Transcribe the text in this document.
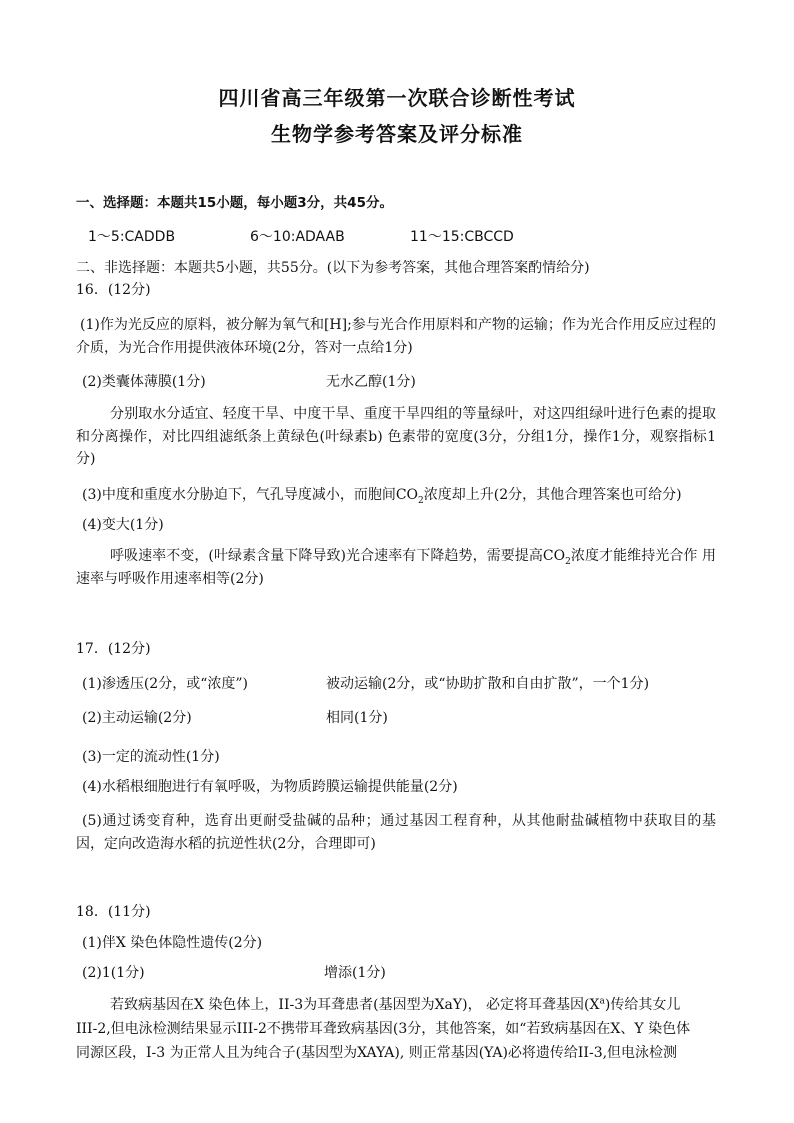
四川省高三年级第一次联合诊断性考试
生物学参考答案及评分标准
一、选择题：本题共15小题，每小题3分，共45分。
1～5:CADDB	6～10:ADAAB	11～15:CBCCD
二、非选择题：本题共5小题，共55分。(以下为参考答案，其他合理答案酌情给分)
16．(12分)
(1)作为光反应的原料，被分解为氧气和[H];参与光合作用原料和产物的运输；作为光合作用反应过程的介质，为光合作用提供液体环境(2分，答对一点给1分)
(2)类囊体薄膜(1分)	无水乙醇(1分)
分别取水分适宜、轻度干旱、中度干旱、重度干旱四组的等量绿叶，对这四组绿叶进行色素的提取和分离操作，对比四组滤纸条上黄绿色(叶绿素b) 色素带的宽度(3分，分组1分，操作1分，观察指标1分)
(3)中度和重度水分胁迫下，气孔导度减小，而胞间$CO_2$浓度却上升(2分，其他合理答案也可给分)
(4)变大(1分)
呼吸速率不变，(叶绿素含量下降导致)光合速率有下降趋势，需要提高$CO_2$浓度才能维持光合作 用速率与呼吸作用速率相等(2分)
17．(12分)
(1)渗透压(2分，或“浓度”)	被动运输(2分，或“协助扩散和自由扩散”，一个1分)
(2)主动运输(2分)	相同(1分)
(3)一定的流动性(1分)
(4)水稻根细胞进行有氧呼吸，为物质跨膜运输提供能量(2分)
(5)通过诱变育种，选育出更耐受盐碱的品种；通过基因工程育种，从其他耐盐碱植物中获取目的基因，定向改造海水稻的抗逆性状(2分，合理即可)
18．(11分)
(1)伴X 染色体隐性遗传(2分)
(2)1(1分)	增添(1分)
若致病基因在X 染色体上，II-3为耳聋患者(基因型为XaY)， 必定将耳聋基因$(X^a)$传给其女儿
III-2,但电泳检测结果显示III-2不携带耳聋致病基因(3分，其他答案，如“若致病基因在X、Y 染色体
同源区段，I-3 为正常人且为纯合子(基因型为XAYA), 则正常基因(YA)必将遗传给II-3,但电泳检测
